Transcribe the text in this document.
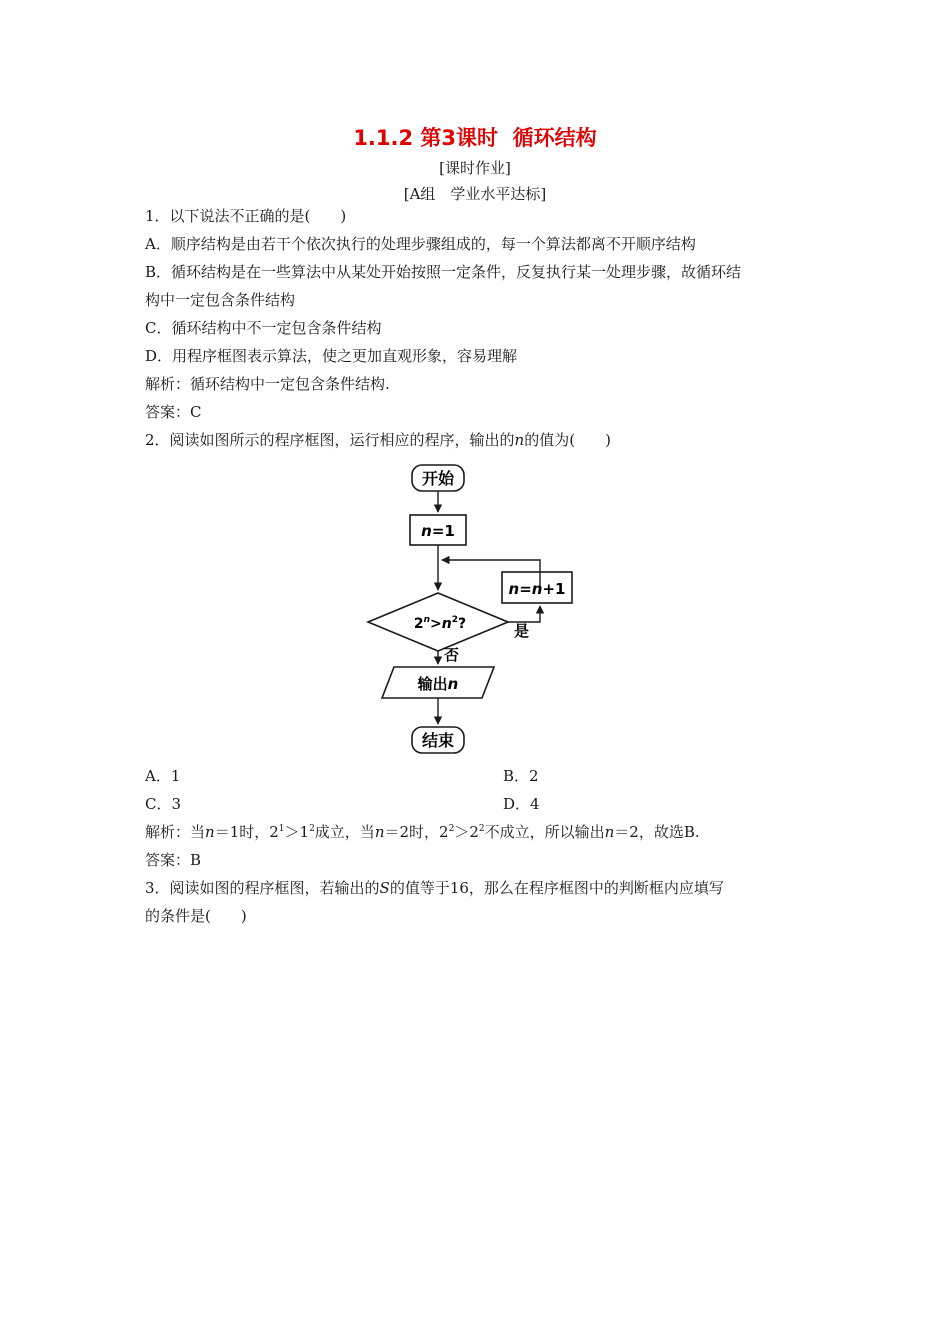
1.1.2 第3课时 循环结构
[课时作业]
[A组　学业水平达标]
1．以下说法不正确的是(　　)
A．顺序结构是由若干个依次执行的处理步骤组成的，每一个算法都离不开顺序结构
B．循环结构是在一些算法中从某处开始按照一定条件，反复执行某一处理步骤，故循环结
构中一定包含条件结构
C．循环结构中不一定包含条件结构
D．用程序框图表示算法，使之更加直观形象，容易理解
解析：循环结构中一定包含条件结构.
答案：C
2．阅读如图所示的程序框图，运行相应的程序，输出的n的值为(　　)
开始
n=1
n=n+1
$2^n>n^2$?	是
否
输出n
结束
A．1	B．2
C．3	D．4
解析：当n＝1时，$2^1>1^2$成立，当n＝2时，$2^2>2^2$不成立，所以输出n＝2，故选B.
答案：B
3．阅读如图的程序框图，若输出的S的值等于16，那么在程序框图中的判断框内应填写
的条件是(　　)
